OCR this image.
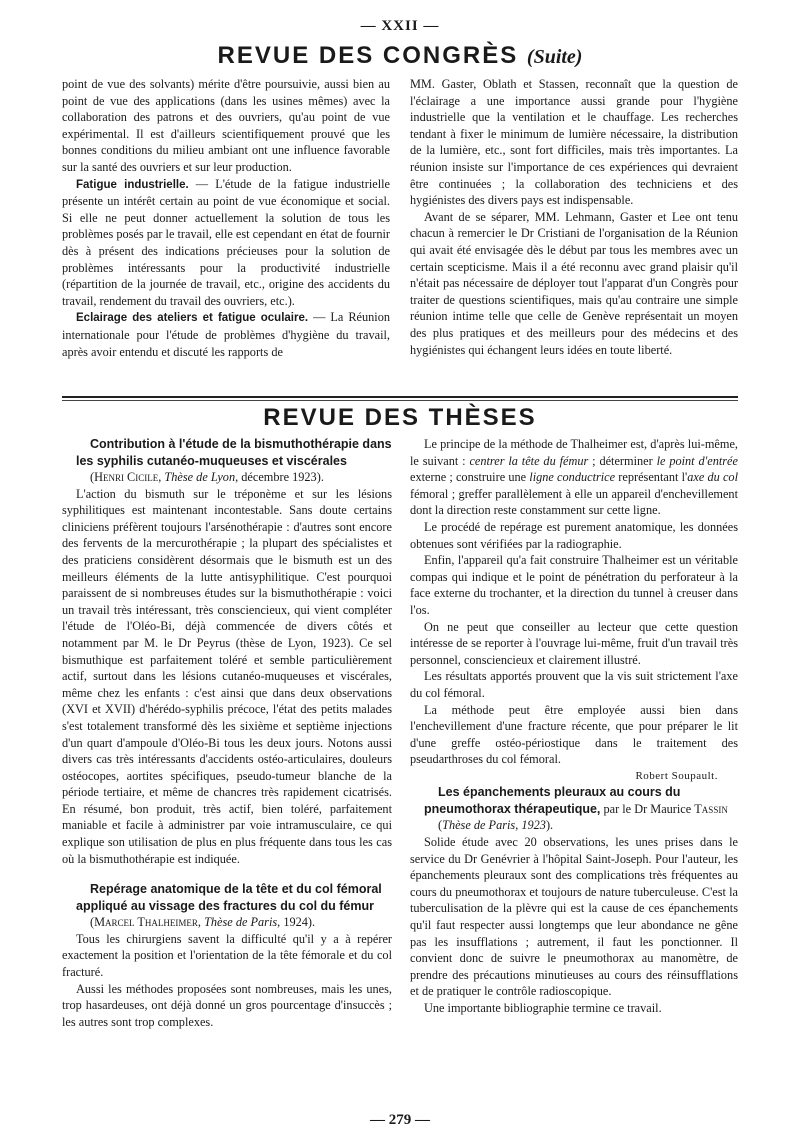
— XXII —
REVUE DES CONGRÈS (Suite)

point de vue des solvants) mérite d'être poursuivie, aussi bien au point de vue des applications (dans les usines mêmes) avec la collaboration des patrons et des ouvriers, qu'au point de vue expérimental. Il est d'ailleurs scientifiquement prouvé que les bonnes conditions du milieu ambiant ont une influence favorable sur la santé des ouvriers et sur leur production.

Fatigue industrielle. — L'étude de la fatigue industrielle présente un intérêt certain au point de vue économique et social. Si elle ne peut donner actuellement la solution de tous les problèmes posés par le travail, elle est cependant en état de fournir dès à présent des indications précieuses pour la solution de problèmes intéressants pour la productivité industrielle (répartition de la journée de travail, etc., origine des accidents du travail, rendement du travail des ouvriers, etc.).

Eclairage des ateliers et fatigue oculaire. — La Réunion internationale pour l'étude de problèmes d'hygiène du travail, après avoir entendu et discuté les rapports de

MM. Gaster, Oblath et Stassen, reconnaît que la question de l'éclairage a une importance aussi grande pour l'hygiène industrielle que la ventilation et le chauffage. Les recherches tendant à fixer le minimum de lumière nécessaire, la distribution de la lumière, etc., sont fort difficiles, mais très importantes. La réunion insiste sur l'importance de ces expériences qui devraient être continuées ; la collaboration des techniciens et des hygiénistes des divers pays est indispensable.

Avant de se séparer, MM. Lehmann, Gaster et Lee ont tenu chacun à remercier le Dr Cristiani de l'organisation de la Réunion qui avait été envisagée dès le début par tous les membres avec un certain scepticisme. Mais il a été reconnu avec grand plaisir qu'il n'était pas nécessaire de déployer tout l'apparat d'un Congrès pour traiter de questions scientifiques, mais qu'au contraire une simple réunion intime telle que celle de Genève représentait un moyen des plus pratiques et des meilleurs pour des médecins et des hygiénistes qui échangent leurs idées en toute liberté.

REVUE DES THÈSES

Contribution à l'étude de la bismuthothérapie dans les syphilis cutanéo-muqueuses et viscérales

(Henri Cicile, Thèse de Lyon, décembre 1923).

L'action du bismuth sur le tréponème et sur les lésions syphilitiques est maintenant incontestable. Sans doute certains cliniciens préfèrent toujours l'arsénothérapie : d'autres sont encore des fervents de la mercurothérapie ; la plupart des spécialistes et des praticiens considèrent désormais que le bismuth est un des meilleurs éléments de la lutte antisyphilitique. C'est pourquoi paraissent de si nombreuses études sur la bismuthothérapie : voici un travail très intéressant, très consciencieux, qui vient compléter l'étude de l'Oléo-Bi, déjà commencée de divers côtés et notamment par M. le Dr Peyrus (thèse de Lyon, 1923). Ce sel bismuthique est parfaitement toléré et semble particulièrement actif, surtout dans les lésions cutanéo-muqueuses et viscérales, même chez les enfants : c'est ainsi que dans deux observations (XVI et XVII) d'hérédo-syphilis précoce, l'état des petits malades s'est totalement transformé dès les sixième et septième injections d'un quart d'ampoule d'Oléo-Bi tous les deux jours. Notons aussi divers cas très intéressants d'accidents ostéo-articulaires, douleurs ostéocopes, aortites spécifiques, pseudo-tumeur blanche de la période tertiaire, et même de chancres très rapidement cicatrisés. En résumé, bon produit, très actif, bien toléré, parfaitement maniable et facile à administrer par voie intramusculaire, ce qui explique son utilisation de plus en plus fréquente dans tous les cas où la bismuthothérapie est indiquée.

Repérage anatomique de la tête et du col fémoral appliqué au vissage des fractures du col du fémur

(Marcel Thalheimer, Thèse de Paris, 1924).

Tous les chirurgiens savent la difficulté qu'il y a à repérer exactement la position et l'orientation de la tête fémorale et du col fracturé.

Aussi les méthodes proposées sont nombreuses, mais les unes, trop hasardeuses, ont déjà donné un gros pourcentage d'insuccès ; les autres sont trop complexes.

Le principe de la méthode de Thalheimer est, d'après lui-même, le suivant : centrer la tête du fémur ; déterminer le point d'entrée externe ; construire une ligne conductrice représentant l'axe du col fémoral ; greffer parallèlement à elle un appareil d'enchevillement dont la direction reste constamment sur cette ligne.

Le procédé de repérage est purement anatomique, les données obtenues sont vérifiées par la radiographie.

Enfin, l'appareil qu'a fait construire Thalheimer est un véritable compas qui indique et le point de pénétration du perforateur à la face externe du trochanter, et la direction du tunnel à creuser dans l'os.

On ne peut que conseiller au lecteur que cette question intéresse de se reporter à l'ouvrage lui-même, fruit d'un travail très personnel, consciencieux et clairement illustré.

Les résultats apportés prouvent que la vis suit strictement l'axe du col fémoral.

La méthode peut être employée aussi bien dans l'enchevillement d'une fracture récente, que pour préparer le lit d'une greffe ostéo-périostique dans le traitement des pseudarthroses du col fémoral.

Robert Soupault.

Les épanchements pleuraux au cours du pneumothorax thérapeutique, par le Dr Maurice Tassin

(Thèse de Paris, 1923).

Solide étude avec 20 observations, les unes prises dans le service du Dr Genévrier à l'hôpital Saint-Joseph. Pour l'auteur, les épanchements pleuraux sont des complications très fréquentes au cours du pneumothorax et toujours de nature tuberculeuse. C'est la tuberculisation de la plèvre qui est la cause de ces épanchements qu'il faut respecter aussi longtemps que leur abondance ne gêne pas les insufflations ; autrement, il faut les ponctionner. Il convient donc de suivre le pneumothorax au manomètre, de prendre des précautions minutieuses au cours des réinsufflations et de pratiquer le contrôle radioscopique.

Une importante bibliographie termine ce travail.

— 279 —
